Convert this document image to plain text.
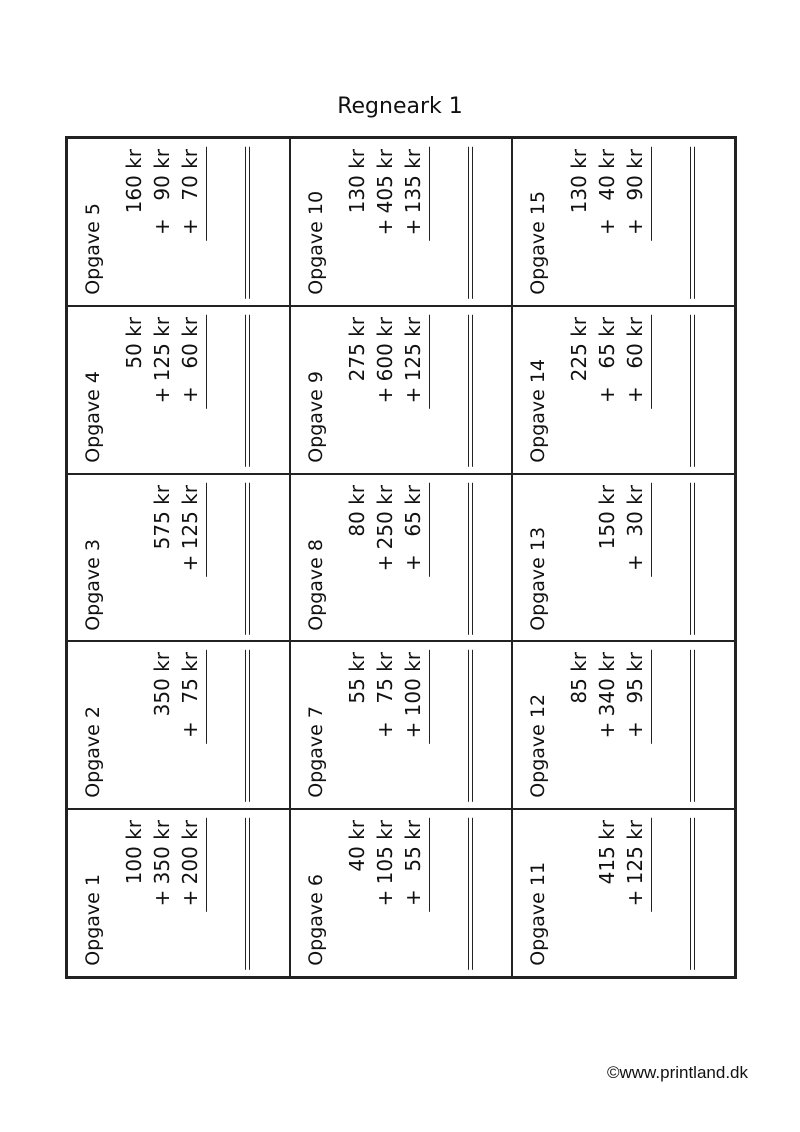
Regneark 1
Opgave 1
100 kr
+350 kr
+200 kr
Opgave 2
350 kr
+75 kr
Opgave 3
575 kr
+125 kr
Opgave 4
50 kr
+125 kr
+60 kr
Opgave 5
160 kr
+90 kr
+70 kr
Opgave 6
40 kr
+105 kr
+55 kr
Opgave 7
55 kr
+75 kr
+100 kr
Opgave 8
80 kr
+250 kr
+65 kr
Opgave 9
275 kr
+600 kr
+125 kr
Opgave 10
130 kr
+405 kr
+135 kr
Opgave 11
415 kr
+125 kr
Opgave 12
85 kr
+340 kr
+95 kr
Opgave 13
150 kr
+30 kr
Opgave 14
225 kr
+65 kr
+60 kr
Opgave 15
130 kr
+40 kr
+90 kr
©www.printland.dk
